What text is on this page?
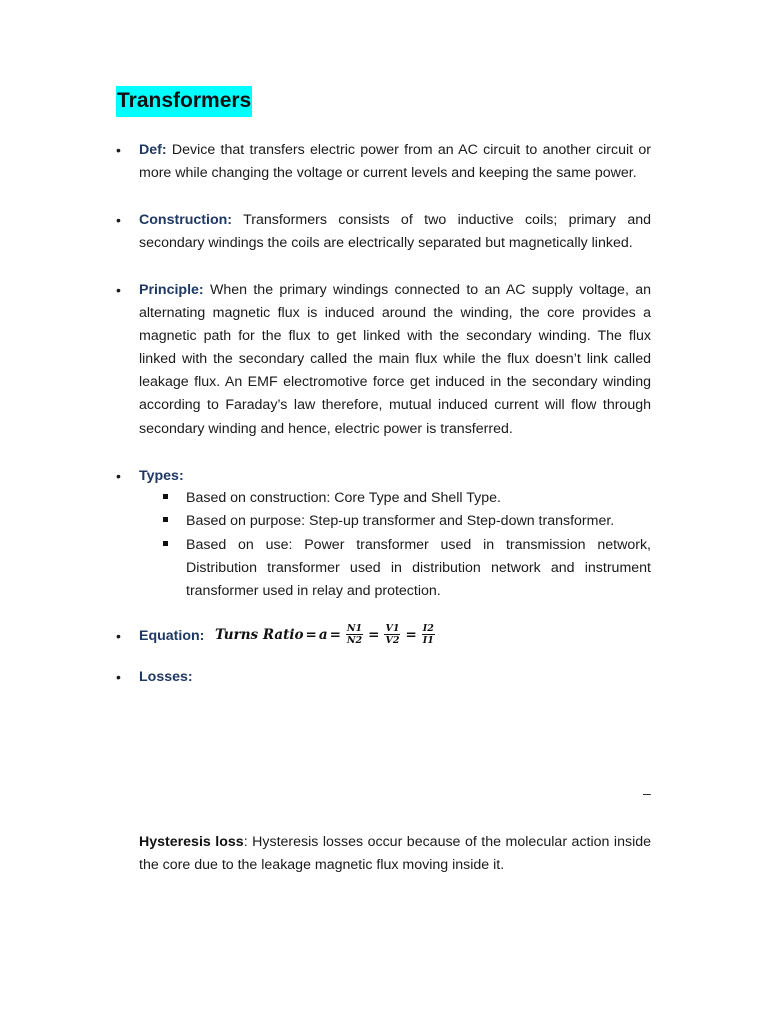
Transformers
• Def: Device that transfers electric power from an AC circuit to another circuit or more while changing the voltage or current levels and keeping the same power.
• Construction: Transformers consists of two inductive coils; primary and secondary windings the coils are electrically separated but magnetically linked.
• Principle: When the primary windings connected to an AC supply voltage, an alternating magnetic flux is induced around the winding, the core provides a magnetic path for the flux to get linked with the secondary winding. The flux linked with the secondary called the main flux while the flux doesn’t link called leakage flux. An EMF electromotive force get induced in the secondary winding according to Faraday’s law therefore, mutual induced current will flow through secondary winding and hence, electric power is transferred.
• Types:
Based on construction: Core Type and Shell Type.
Based on purpose: Step-up transformer and Step-down transformer.
Based on use: Power transformer used in transmission network, Distribution transformer used in distribution network and instrument transformer used in relay and protection.
• Equation: Turns Ratio = $a = \frac{N1}{N2} = \frac{V1}{V2} = \frac{I2}{I1}$
• Losses:
–
Hysteresis loss: Hysteresis losses occur because of the molecular action inside the core due to the leakage magnetic flux moving inside it.
